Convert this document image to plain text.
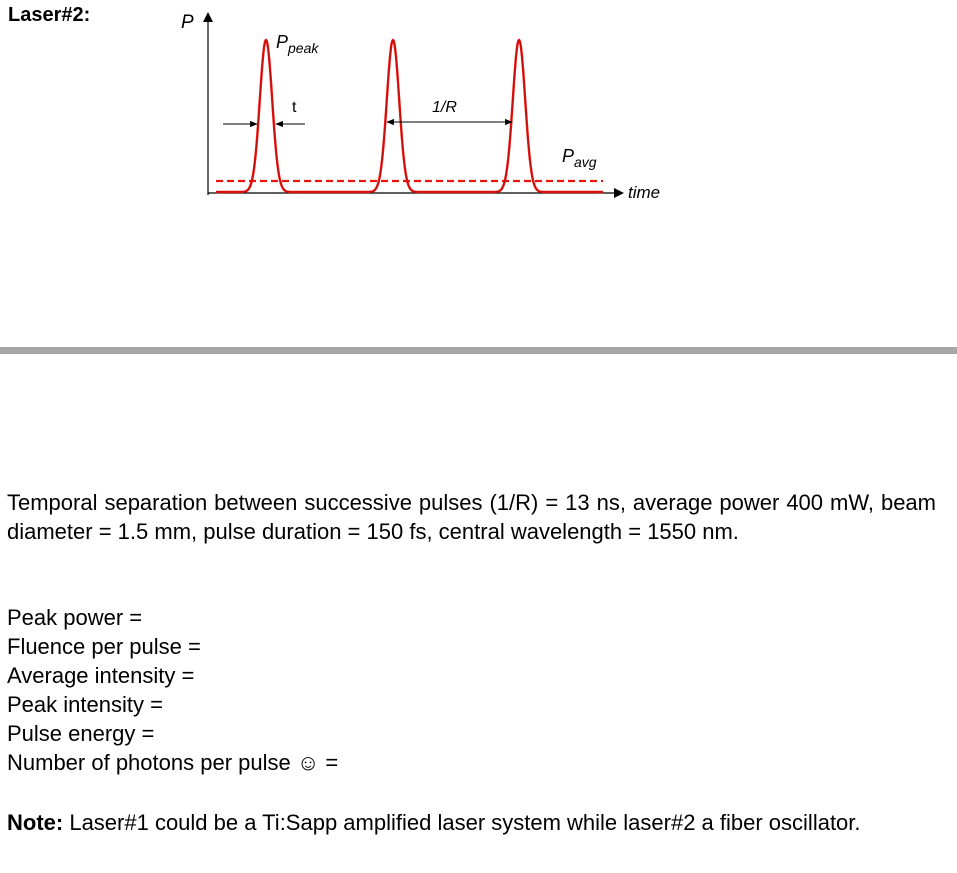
Laser#2:	P
$P_{peak}$
t	1/R
$P_{avg}$
time

Temporal separation between successive pulses (1/R) = 13 ns, average power 400 mW, beam diameter = 1.5 mm, pulse duration = 150 fs, central wavelength = 1550 nm.

Peak power =
Fluence per pulse =
Average intensity =
Peak intensity =
Pulse energy =
Number of photons per pulse ☺ =

Note: Laser#1 could be a Ti:Sapp amplified laser system while laser#2 a fiber oscillator.
